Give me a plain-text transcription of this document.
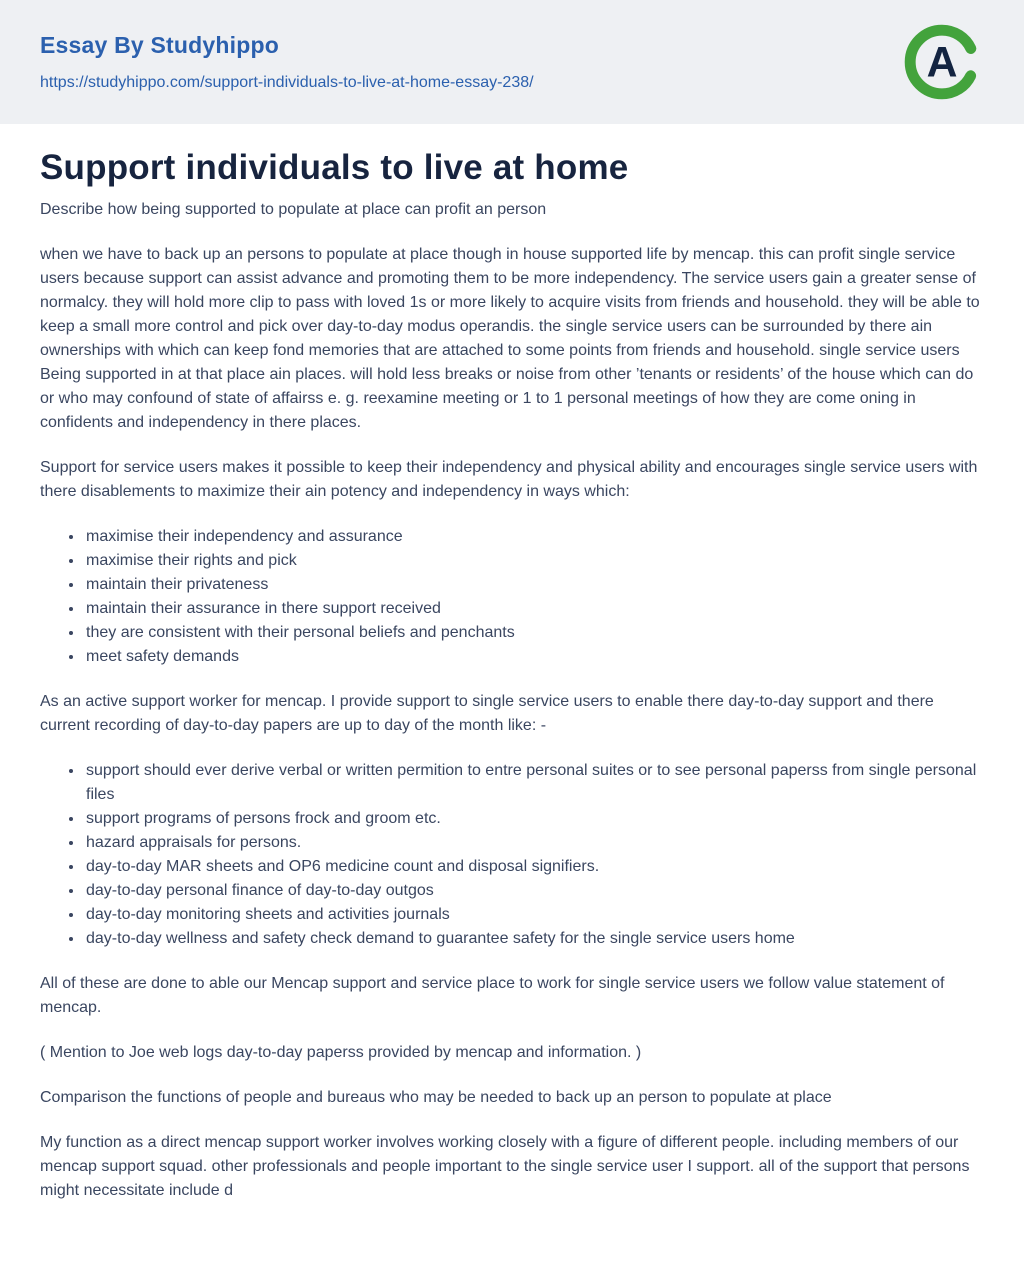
Essay By Studyhippo
https://studyhippo.com/support-individuals-to-live-at-home-essay-238/	A
Support individuals to live at home

Describe how being supported to populate at place can profit an person

when we have to back up an persons to populate at place though in house supported life by mencap. this can profit single service users because support can assist advance and promoting them to be more independency. The service users gain a greater sense of normalcy. they will hold more clip to pass with loved 1s or more likely to acquire visits from friends and household. they will be able to keep a small more control and pick over day-to-day modus operandis. the single service users can be surrounded by there ain ownerships with which can keep fond memories that are attached to some points from friends and household. single service users Being supported in at that place ain places. will hold less breaks or noise from other ’tenants or residents’ of the house which can do or who may confound of state of affairss e. g. reexamine meeting or 1 to 1 personal meetings of how they are come oning in confidents and independency in there places.

Support for service users makes it possible to keep their independency and physical ability and encourages single service users with there disablements to maximize their ain potency and independency in ways which:

• maximise their independency and assurance
• maximise their rights and pick
• maintain their privateness
• maintain their assurance in there support received
• they are consistent with their personal beliefs and penchants
• meet safety demands

As an active support worker for mencap. I provide support to single service users to enable there day-to-day support and there current recording of day-to-day papers are up to day of the month like: -

• support should ever derive verbal or written permition to entre personal suites or to see personal paperss from single personal files
• support programs of persons frock and groom etc.
• hazard appraisals for persons.
• day-to-day MAR sheets and OP6 medicine count and disposal signifiers.
• day-to-day personal finance of day-to-day outgos
• day-to-day monitoring sheets and activities journals
• day-to-day wellness and safety check demand to guarantee safety for the single service users home

All of these are done to able our Mencap support and service place to work for single service users we follow value statement of mencap.

( Mention to Joe web logs day-to-day paperss provided by mencap and information. )

Comparison the functions of people and bureaus who may be needed to back up an person to populate at place

My function as a direct mencap support worker involves working closely with a figure of different people. including members of our mencap support squad. other professionals and people important to the single service user I support. all of the support that persons might necessitate include d
